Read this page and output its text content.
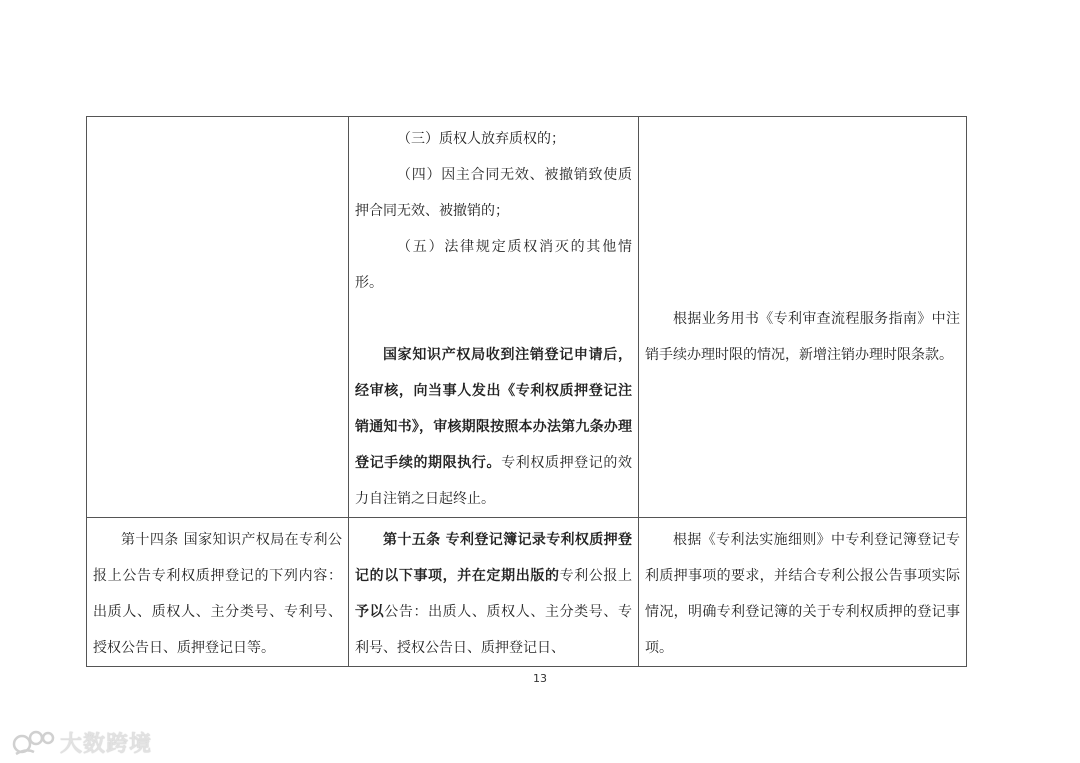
	（三）质权人放弃质权的；

（四）因主合同无效、被撤销致使质押合同无效、被撤销的；

（五）法律规定质权消灭的其他情形。

国家知识产权局收到注销登记申请后，经审核，向当事人发出《专利权质押登记注销通知书》，审核期限按照本办法第九条办理登记手续的期限执行。专利权质押登记的效力自注销之日起终止。	根据业务用书《专利审查流程服务指南》中注销手续办理时限的情况，新增注销办理时限条款。

第十四条 国家知识产权局在专利公报上公告专利权质押登记的下列内容：出质人、质权人、主分类号、专利号、授权公告日、质押登记日等。	第十五条 专利登记簿记录专利权质押登记的以下事项，并在定期出版的专利公报上予以公告：出质人、质权人、主分类号、专利号、授权公告日、质押登记日、	根据《专利法实施细则》中专利登记簿登记专利质押事项的要求，并结合专利公报公告事项实际情况，明确专利登记簿的关于专利权质押的登记事项。

13
大数跨境
